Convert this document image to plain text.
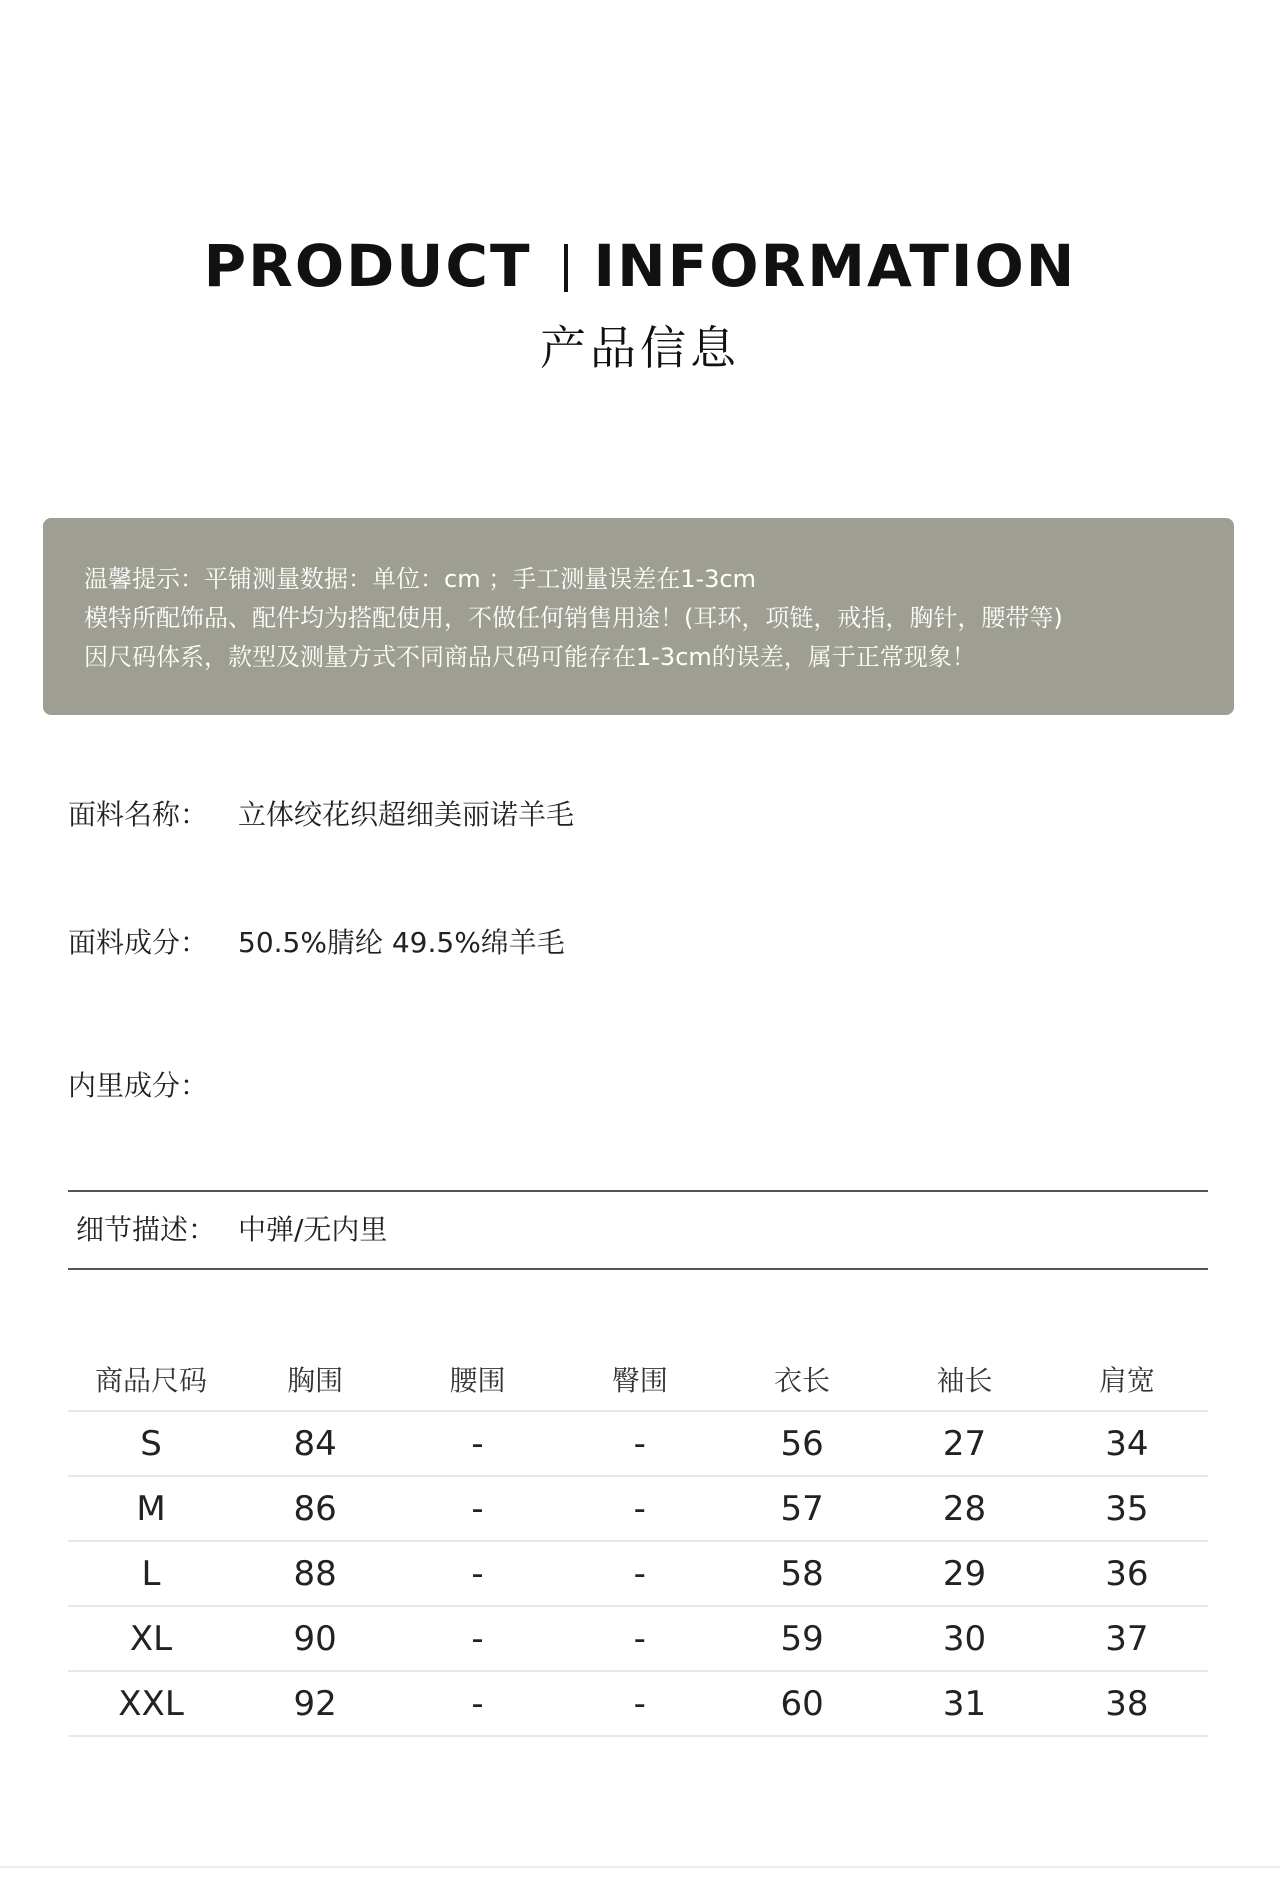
PRODUCT INFORMATION
产品信息
温馨提示：平铺测量数据：单位：cm ；手工测量误差在1-3cm
模特所配饰品、配件均为搭配使用，不做任何销售用途！(耳环，项链，戒指，胸针，腰带等)
因尺码体系，款型及测量方式不同商品尺码可能存在1-3cm的误差，属于正常现象！
面料名称： 立体绞花织超细美丽诺羊毛
面料成分： 50.5%腈纶 49.5%绵羊毛
内里成分：
细节描述： 中弹/无内里
商品尺码	胸围	腰围	臀围	衣长	袖长	肩宽
S	84	-	-	56	27	34
M	86	-	-	57	28	35
L	88	-	-	58	29	36
XL	90	-	-	59	30	37
XXL	92	-	-	60	31	38
